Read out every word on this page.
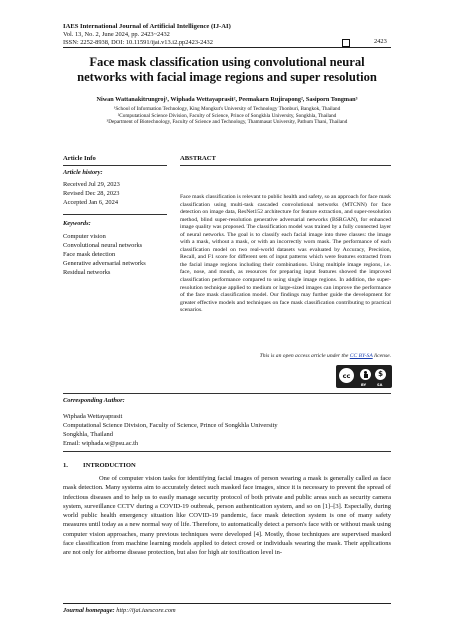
IAES International Journal of Artificial Intelligence (IJ-AI)
Vol. 13, No. 2, June 2024, pp. 2423~2432
ISSN: 2252-8938, DOI: 10.11591/ijai.v13.i2.pp2423-2432	2423
Face mask classification using convolutional neural networks with facial image regions and super resolution
Niwan Wattanakitrungroj¹, Wiphada Wettayaprasit², Peemakarn Rujirapong², Sasiporn Tongman³
¹School of Information Technology, King Mongkut's University of Technology Thonburi, Bangkok, Thailand
²Computational Science Division, Faculty of Science, Prince of Songkhla University, Songkhla, Thailand
³Department of Biotechnology, Faculty of Science and Technology, Thammasat University, Pathum Thani, Thailand
Article Info
Article history:
Received Jul 29, 2023
Revised Dec 28, 2023
Accepted Jan 6, 2024
Keywords:
Computer vision
Convolutional neural networks
Face mask detection
Generative adversarial networks
Residual networks
ABSTRACT
Face mask classification is relevant to public health and safety, so an approach for face mask classification using multi-task cascaded convolutional networks (MTCNN) for face detection on image data, ResNet152 architecture for feature extraction, and super-resolution method, blind super-resolution generative adversarial networks (BSRGAN), for enhanced image quality was proposed. The classification model was trained by a fully connected layer of neural networks. The goal is to classify each facial image into three classes: the image with a mask, without a mask, or with an incorrectly worn mask. The performance of each classification model on two real-world datasets was evaluated by Accuracy, Precision, Recall, and F1 score for different sets of input patterns which were features extracted from the facial image regions including their combinations. Using multiple image regions, i.e. face, nose, and mouth, as resources for preparing input features showed the improved classification performance compared to using single image regions. In addition, the super-resolution technique applied to medium or large-sized images can improve the performance of the face mask classification model. Our findings may further guide the development for greater effective models and techniques on face mask classification contributing to practical scenarios.
This is an open access article under the CC BY-SA license.
cc
$
BY	SA
Corresponding Author:
Wiphada Wettayaprasit
Computational Science Division, Faculty of Science, Prince of Songkhla University
Songkhla, Thailand
Email: wiphada.w@psu.ac.th
1. INTRODUCTION
One of computer vision tasks for identifying facial images of person wearing a mask is generally called as face mask detection. Many systems aim to accurately detect such masked face images, since it is necessary to prevent the spread of infectious diseases and to help us to easily manage security protocol of both private and public areas such as security camera system, surveillance CCTV during a COVID-19 outbreak, person authentication system, and so on [1]–[3]. Especially, during world public health emergency situation like COVID-19 pandemic, face mask detection system is one of many safety measures until today as a new normal way of life. Therefore, to automatically detect a person's face with or without mask using computer vision approaches, many previous techniques were developed [4]. Mostly, those techniques are supervised masked face classification from machine learning models applied to detect crowd or individuals wearing the mask. Their applications are not only for airborne disease protection, but also for high air toxification level in-
Journal homepage: http://ijai.iaescore.com
